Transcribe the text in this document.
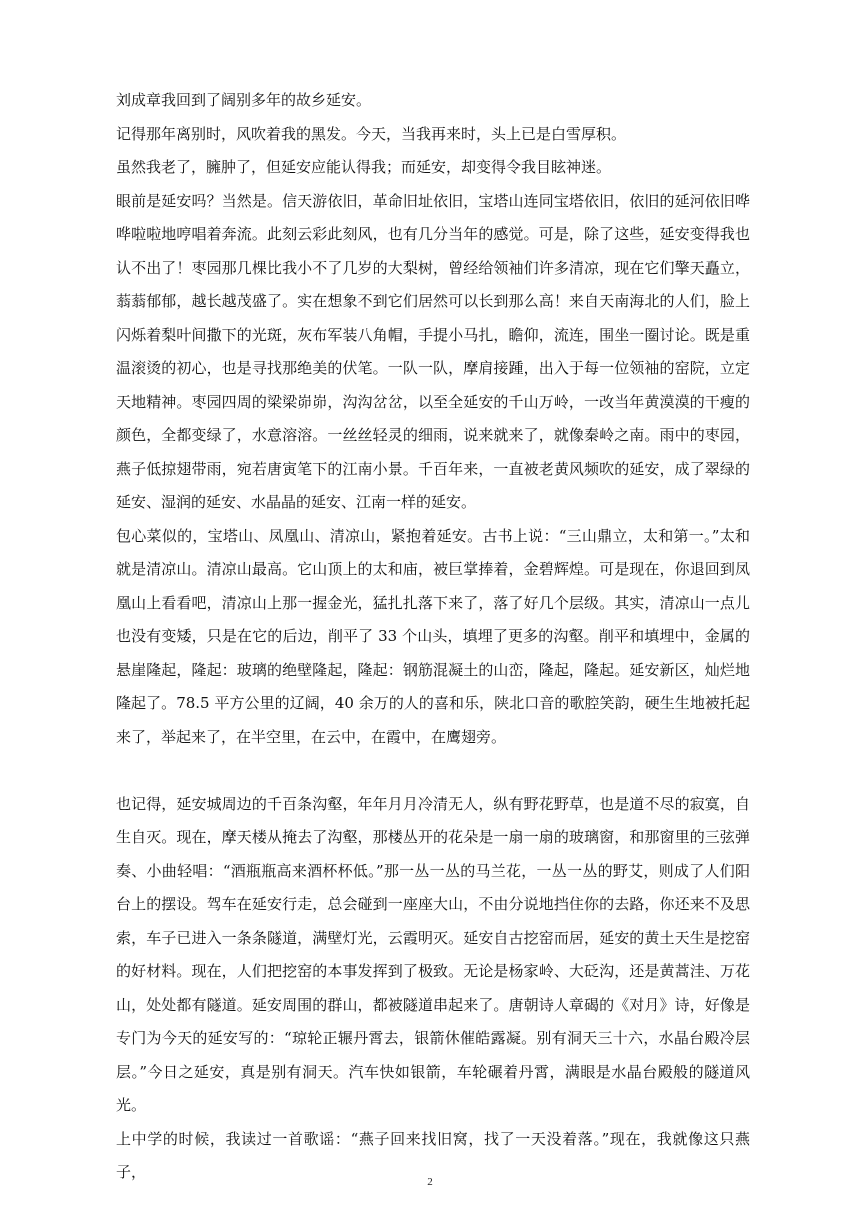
刘成章我回到了阔别多年的故乡延安。

记得那年离别时，风吹着我的黑发。今天，当我再来时，头上已是白雪厚积。

虽然我老了，臃肿了，但延安应能认得我；而延安，却变得令我目眩神迷。

眼前是延安吗？当然是。信天游依旧，革命旧址依旧，宝塔山连同宝塔依旧，依旧的延河依旧哗哗啦啦地哼唱着奔流。此刻云彩此刻风，也有几分当年的感觉。可是，除了这些，延安变得我也认不出了！枣园那几棵比我小不了几岁的大梨树，曾经给领袖们许多清凉，现在它们擎天矗立，蓊蓊郁郁，越长越茂盛了。实在想象不到它们居然可以长到那么高！来自天南海北的人们，脸上闪烁着梨叶间撒下的光斑，灰布军装八角帽，手提小马扎，瞻仰，流连，围坐一圈讨论。既是重温滚烫的初心，也是寻找那绝美的伏笔。一队一队，摩肩接踵，出入于每一位领袖的窑院，立定天地精神。枣园四周的梁梁峁峁，沟沟岔岔，以至全延安的千山万岭，一改当年黄漠漠的干瘦的颜色，全都变绿了，水意溶溶。一丝丝轻灵的细雨，说来就来了，就像秦岭之南。雨中的枣园，燕子低掠翅带雨，宛若唐寅笔下的江南小景。千百年来，一直被老黄风频吹的延安，成了翠绿的延安、湿润的延安、水晶晶的延安、江南一样的延安。

包心菜似的，宝塔山、凤凰山、清凉山，紧抱着延安。古书上说：“三山鼎立，太和第一。”太和就是清凉山。清凉山最高。它山顶上的太和庙，被巨掌捧着，金碧辉煌。可是现在，你退回到凤凰山上看看吧，清凉山上那一握金光，猛扎扎落下来了，落了好几个层级。其实，清凉山一点儿也没有变矮，只是在它的后边，削平了 33 个山头，填埋了更多的沟壑。削平和填埋中，金属的悬崖隆起，隆起：玻璃的绝壁隆起，隆起：钢筋混凝土的山峦，隆起，隆起。延安新区，灿烂地隆起了。78.5 平方公里的辽阔，40 余万的人的喜和乐，陕北口音的歌腔笑韵，硬生生地被托起来了，举起来了，在半空里，在云中，在霞中，在鹰翅旁。

也记得，延安城周边的千百条沟壑，年年月月冷清无人，纵有野花野草，也是道不尽的寂寞，自生自灭。现在，摩天楼从掩去了沟壑，那楼丛开的花朵是一扇一扇的玻璃窗，和那窗里的三弦弹奏、小曲轻唱：“酒瓶瓶高来酒杯杯低。”那一丛一丛的马兰花，一丛一丛的野艾，则成了人们阳台上的摆设。驾车在延安行走，总会碰到一座座大山，不由分说地挡住你的去路，你还来不及思索，车子已进入一条条隧道，满壁灯光，云霞明灭。延安自古挖窑而居，延安的黄土天生是挖窑的好材料。现在，人们把挖窑的本事发挥到了极致。无论是杨家岭、大砭沟，还是黄蒿洼、万花山，处处都有隧道。延安周围的群山，都被隧道串起来了。唐朝诗人章碣的《对月》诗，好像是专门为今天的延安写的：“琼轮正辗丹霄去，银箭休催皓露凝。别有洞天三十六，水晶台殿冷层层。”今日之延安，真是别有洞天。汽车快如银箭，车轮碾着丹霄，满眼是水晶台殿般的隧道风光。

上中学的时候，我读过一首歌谣：“燕子回来找旧窝，找了一天没着落。”现在，我就像这只燕子，

2
